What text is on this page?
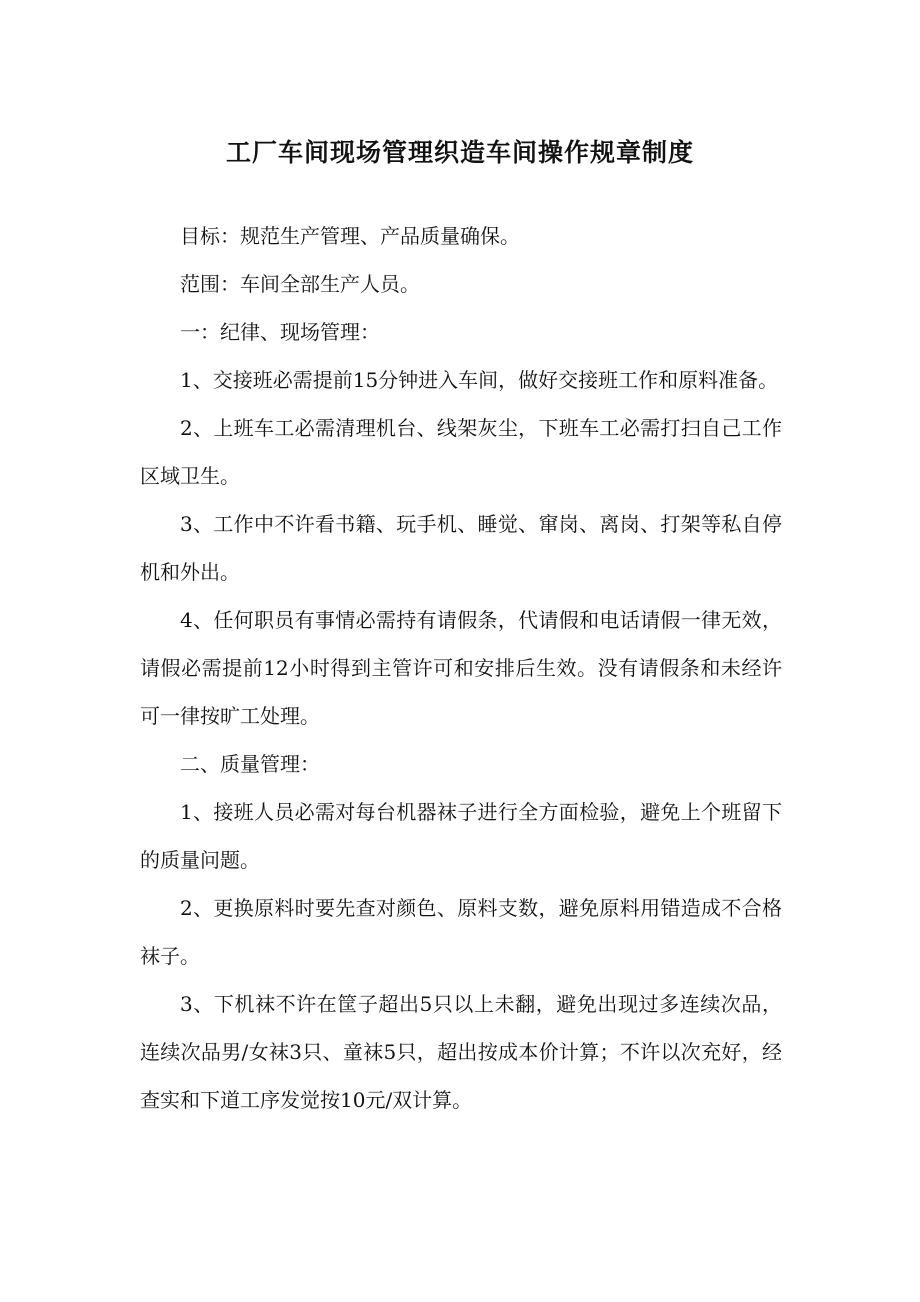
工厂车间现场管理织造车间操作规章制度

目标：规范生产管理、产品质量确保。

范围：车间全部生产人员。

一：纪律、现场管理：

1、交接班必需提前15分钟进入车间，做好交接班工作和原料准备。

2、上班车工必需清理机台、线架灰尘，下班车工必需打扫自己工作区域卫生。

3、工作中不许看书籍、玩手机、睡觉、窜岗、离岗、打架等私自停机和外出。

4、任何职员有事情必需持有请假条，代请假和电话请假一律无效，请假必需提前12小时得到主管许可和安排后生效。没有请假条和未经许可一律按旷工处理。

二、质量管理：

1、接班人员必需对每台机器袜子进行全方面检验，避免上个班留下的质量问题。

2、更换原料时要先查对颜色、原料支数，避免原料用错造成不合格袜子。

3、下机袜不许在筐子超出5只以上未翻，避免出现过多连续次品，连续次品男/女袜3只、童袜5只，超出按成本价计算；不许以次充好，经查实和下道工序发觉按10元/双计算。
